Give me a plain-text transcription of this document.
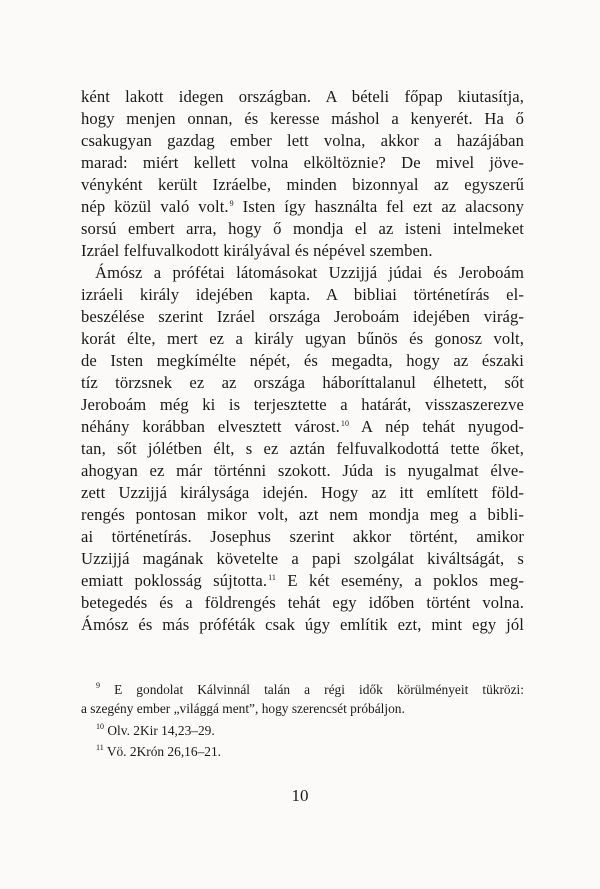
ként lakott idegen országban. A bételi főpap kiutasítja,
hogy menjen onnan, és keresse máshol a kenyerét. Ha ő
csakugyan gazdag ember lett volna, akkor a hazájában
marad: miért kellett volna elköltöznie? De mivel jöve-
vényként került Izráelbe, minden bizonnyal az egyszerű
nép közül való volt.$^9$ Isten így használta fel ezt az alacsony
sorsú embert arra, hogy ő mondja el az isteni intelmeket
Izráel felfuvalkodott királyával és népével szemben.
Ámósz a prófétai látomásokat Uzzijjá júdai és Jeroboám
izráeli király idejében kapta. A bibliai történetírás el-
beszélése szerint Izráel országa Jeroboám idejében virág-
korát élte, mert ez a király ugyan bűnös és gonosz volt,
de Isten megkímélte népét, és megadta, hogy az északi
tíz törzsnek ez az országa háboríttalanul élhetett, sőt
Jeroboám még ki is terjesztette a határát, visszaszerezve
néhány korábban elvesztett várost.$^{10}$ A nép tehát nyugod-
tan, sőt jólétben élt, s ez aztán felfuvalkodottá tette őket,
ahogyan ez már történni szokott. Júda is nyugalmat élve-
zett Uzzijjá királysága idején. Hogy az itt említett föld-
rengés pontosan mikor volt, azt nem mondja meg a bibli-
ai történetírás. Josephus szerint akkor történt, amikor
Uzzijjá magának követelte a papi szolgálat kiváltságát, s
emiatt poklosság sújtotta.$^{11}$ E két esemény, a poklos meg-
betegedés és a földrengés tehát egy időben történt volna.
Ámósz és más próféták csak úgy említik ezt, mint egy jól
$^9$ E gondolat Kálvinnál talán a régi idők körülményeit tükrözi:
a szegény ember „világgá ment”, hogy szerencsét próbáljon.
$^{10}$ Olv. 2Kir 14,23–29.
$^{11}$ Vö. 2Krón 26,16–21.
10
